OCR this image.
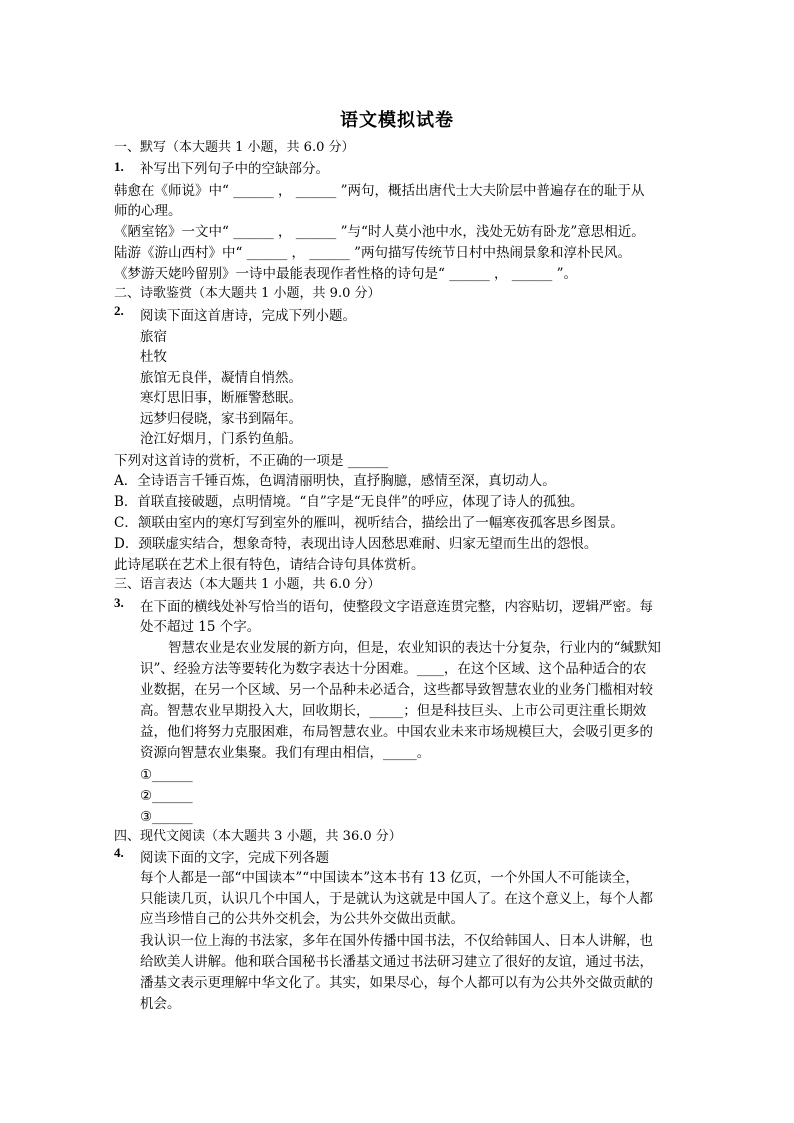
语文模拟试卷
一、默写（本大题共 1 小题，共 6.0 分）
1. 补写出下列句子中的空缺部分。
韩愈在《师说》中“ ______ ， ______ ”两句，概括出唐代士大夫阶层中普遍存在的耻于从
师的心理。
《陋室铭》一文中“ ______ ， ______ ”与“时人莫小池中水，浅处无妨有卧龙”意思相近。
陆游《游山西村》中“ ______ ， ______ ”两句描写传统节日村中热闹景象和淳朴民风。
《梦游天姥吟留别》一诗中最能表现作者性格的诗句是“ ______ ， ______ ”。
二、诗歌鉴赏（本大题共 1 小题，共 9.0 分）
2. 阅读下面这首唐诗，完成下列小题。
旅宿
杜牧
旅馆无良伴，凝情自悄然。
寒灯思旧事，断雁警愁眠。
远梦归侵晓，家书到隔年。
沧江好烟月，门系钓鱼船。
下列对这首诗的赏析，不正确的一项是 ______
A．全诗语言千锤百炼，色调清丽明快，直抒胸臆，感情至深，真切动人。
B．首联直接破题，点明情境。“自”字是“无良伴”的呼应，体现了诗人的孤独。
C．颔联由室内的寒灯写到室外的雁叫，视听结合，描绘出了一幅寒夜孤客思乡图景。
D．颈联虚实结合，想象奇特，表现出诗人因愁思难耐、归家无望而生出的怨恨。
此诗尾联在艺术上很有特色，请结合诗句具体赏析。
三、语言表达（本大题共 1 小题，共 6.0 分）
3. 在下面的横线处补写恰当的语句，使整段文字语意连贯完整，内容贴切，逻辑严密。每
处不超过 15 个字。
智慧农业是农业发展的新方向，但是，农业知识的表达十分复杂，行业内的“缄默知
识”、经验方法等要转化为数字表达十分困难。____，在这个区域、这个品种适合的农
业数据，在另一个区域、另一个品种未必适合，这些都导致智慧农业的业务门槛相对较
高。智慧农业早期投入大，回收期长，_____；但是科技巨头、上市公司更注重长期效
益，他们将努力克服困难，布局智慧农业。中国农业未来市场规模巨大，会吸引更多的
资源向智慧农业集聚。我们有理由相信，_____。
①______
②______
③______
四、现代文阅读（本大题共 3 小题，共 36.0 分）
4. 阅读下面的文字，完成下列各题
每个人都是一部“中国读本”“中国读本”这本书有 13 亿页，一个外国人不可能读全，
只能读几页，认识几个中国人，于是就认为这就是中国人了。在这个意义上，每个人都
应当珍惜自己的公共外交机会，为公共外交做出贡献。
我认识一位上海的书法家，多年在国外传播中国书法，不仅给韩国人、日本人讲解，也
给欧美人讲解。他和联合国秘书长潘基文通过书法研习建立了很好的友谊，通过书法，
潘基文表示更理解中华文化了。其实，如果尽心，每个人都可以有为公共外交做贡献的
机会。
